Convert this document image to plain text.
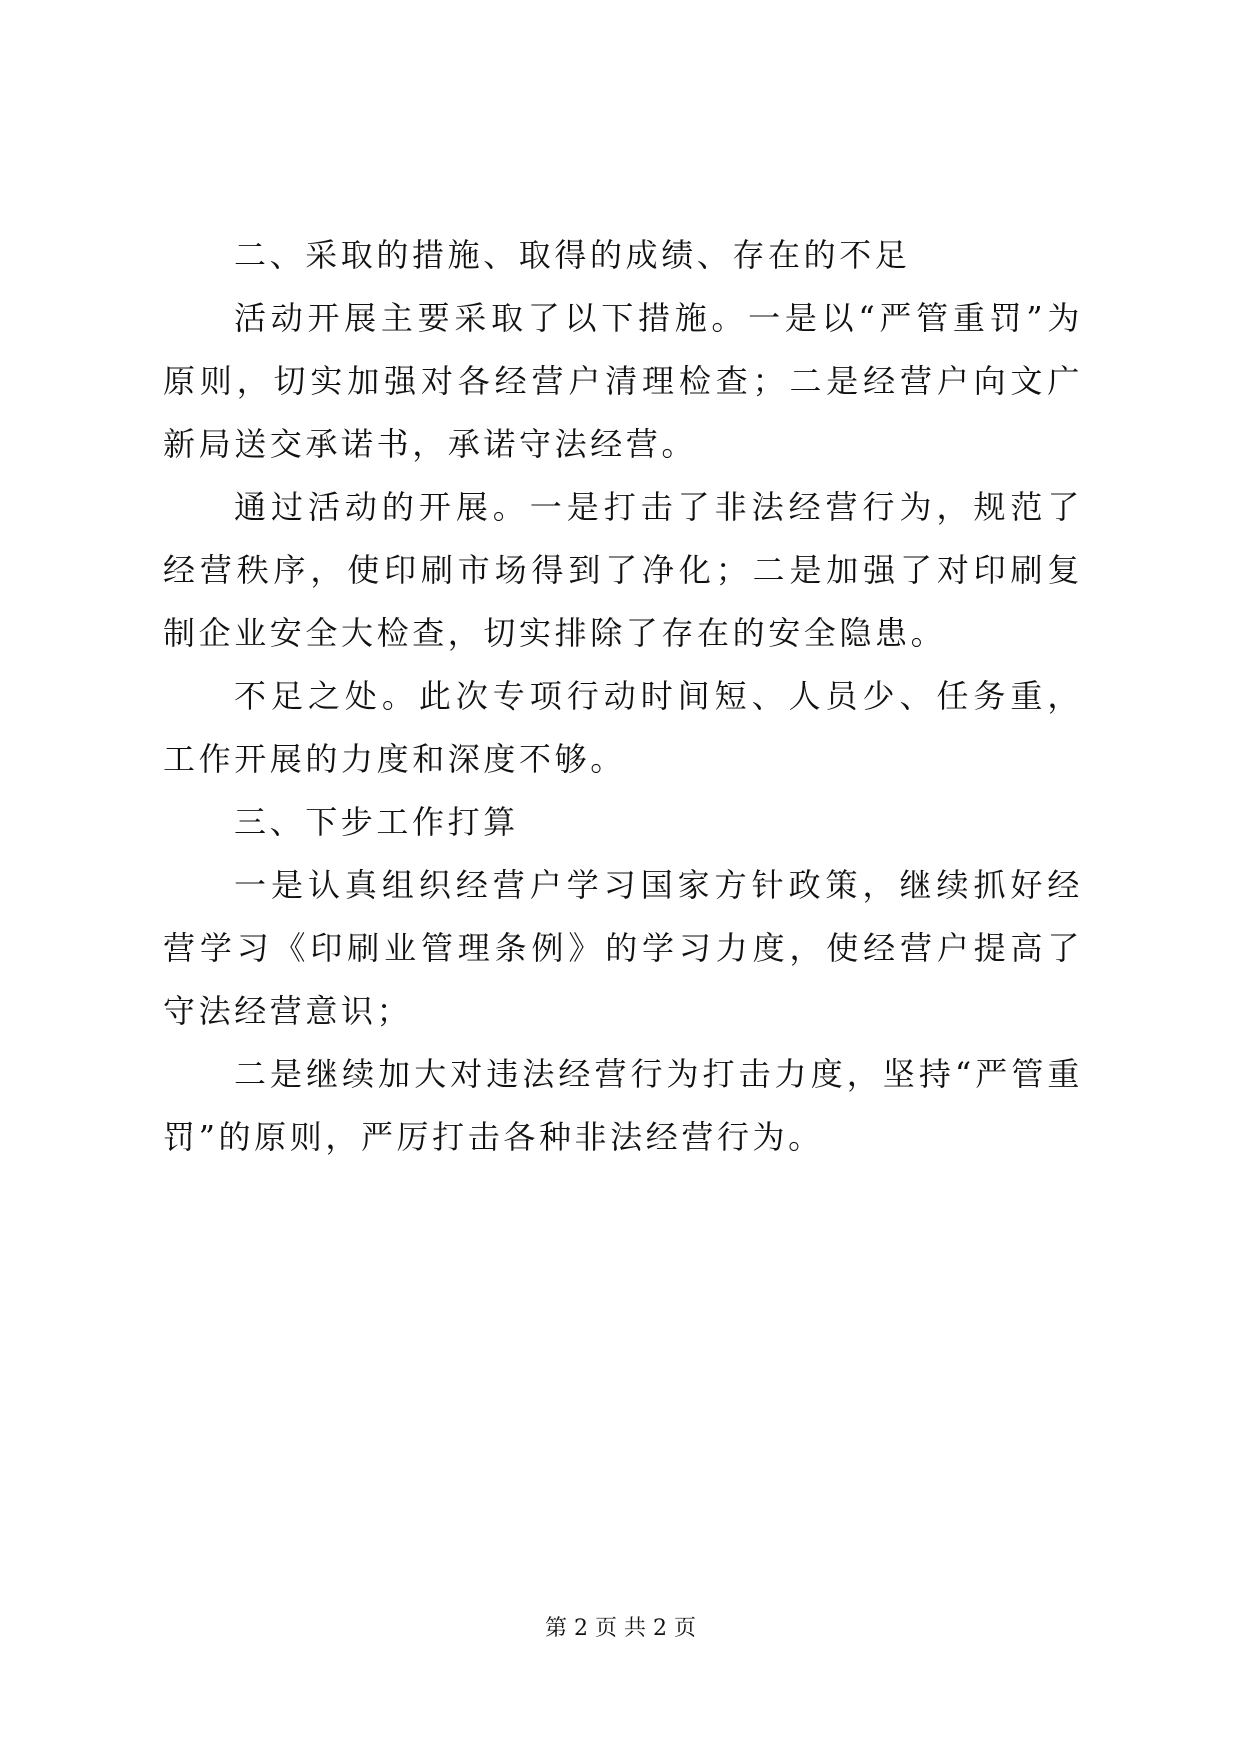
二、采取的措施、取得的成绩、存在的不足

活动开展主要采取了以下措施。一是以“严管重罚”为原则，切实加强对各经营户清理检查；二是经营户向文广新局送交承诺书，承诺守法经营。

通过活动的开展。一是打击了非法经营行为，规范了经营秩序，使印刷市场得到了净化；二是加强了对印刷复制企业安全大检查，切实排除了存在的安全隐患。

不足之处。此次专项行动时间短、人员少、任务重，工作开展的力度和深度不够。

三、下步工作打算

一是认真组织经营户学习国家方针政策，继续抓好经营学习《印刷业管理条例》的学习力度，使经营户提高了守法经营意识；

二是继续加大对违法经营行为打击力度，坚持“严管重罚”的原则，严厉打击各种非法经营行为。

第 2 页 共 2 页
